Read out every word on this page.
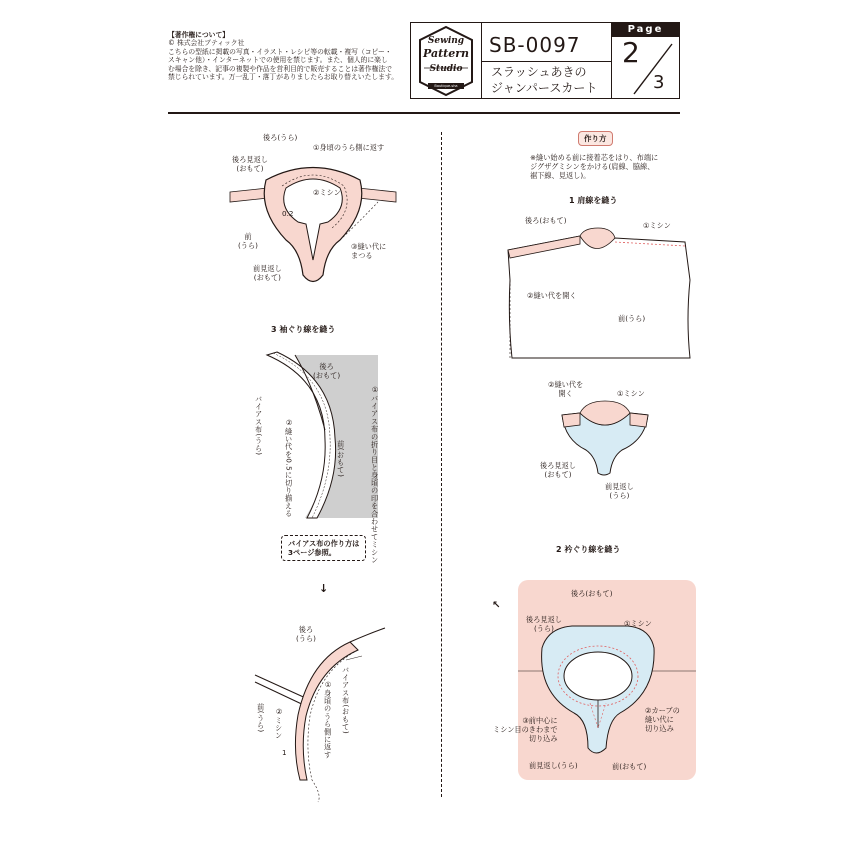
【著作権について】

© 株式会社ブティック社

こちらの型紙に掲載の写真・イラスト・レシピ等の転載・複写（コピー・

スキャン他）・インターネットでの使用を禁じます。また、個人的に楽し

む場合を除き、記事の複製や作品を営利目的で販売することは著作権法で

禁じられています。万一乱丁・落丁がありましたらお取り替えいたします。

Sewing
Pattern
Studio
Boutique-sha
SB-0097
スラッシュあきの
ジャンパースカート
Page
2
3
後ろ(うら)
後ろ見返し
(おもて)
①身頃のうら側に返す
②ミシン
0.2
前
(うら)	③縫い代に
まつる
前見返し
(おもて)
3 袖ぐり線を縫う
後ろ
(おもて)
バイアス布(うら)	②縫い代を0.5に切り揃える	①バイアス布の折り目と身頃の印を合わせてミシン
前(おもて)
バイアス布の作り方は
3ページ参照。
↓
後ろ
(うら)
前(うら) ②ミシン
1	①身頃のうら側に返す バイアス布(おもて)
作り方
※縫い始める前に接着芯をはり、布端に
ジグザグミシンをかける(肩線、脇線、
裾下線、見返し)。
1 肩線を縫う
後ろ(おもて)
①ミシン
②縫い代を開く
前(うら)
②縫い代を
開く	①ミシン
後ろ見返し
(おもて)
前見返し
(うら)
2 衿ぐり線を縫う
↖
後ろ(おもて)
後ろ見返し
(うら)
①ミシン
②カーブの
縫い代に
切り込み
③前中心に
ミシン目のきわまで
切り込み
前見返し(うら)	前(おもて)
